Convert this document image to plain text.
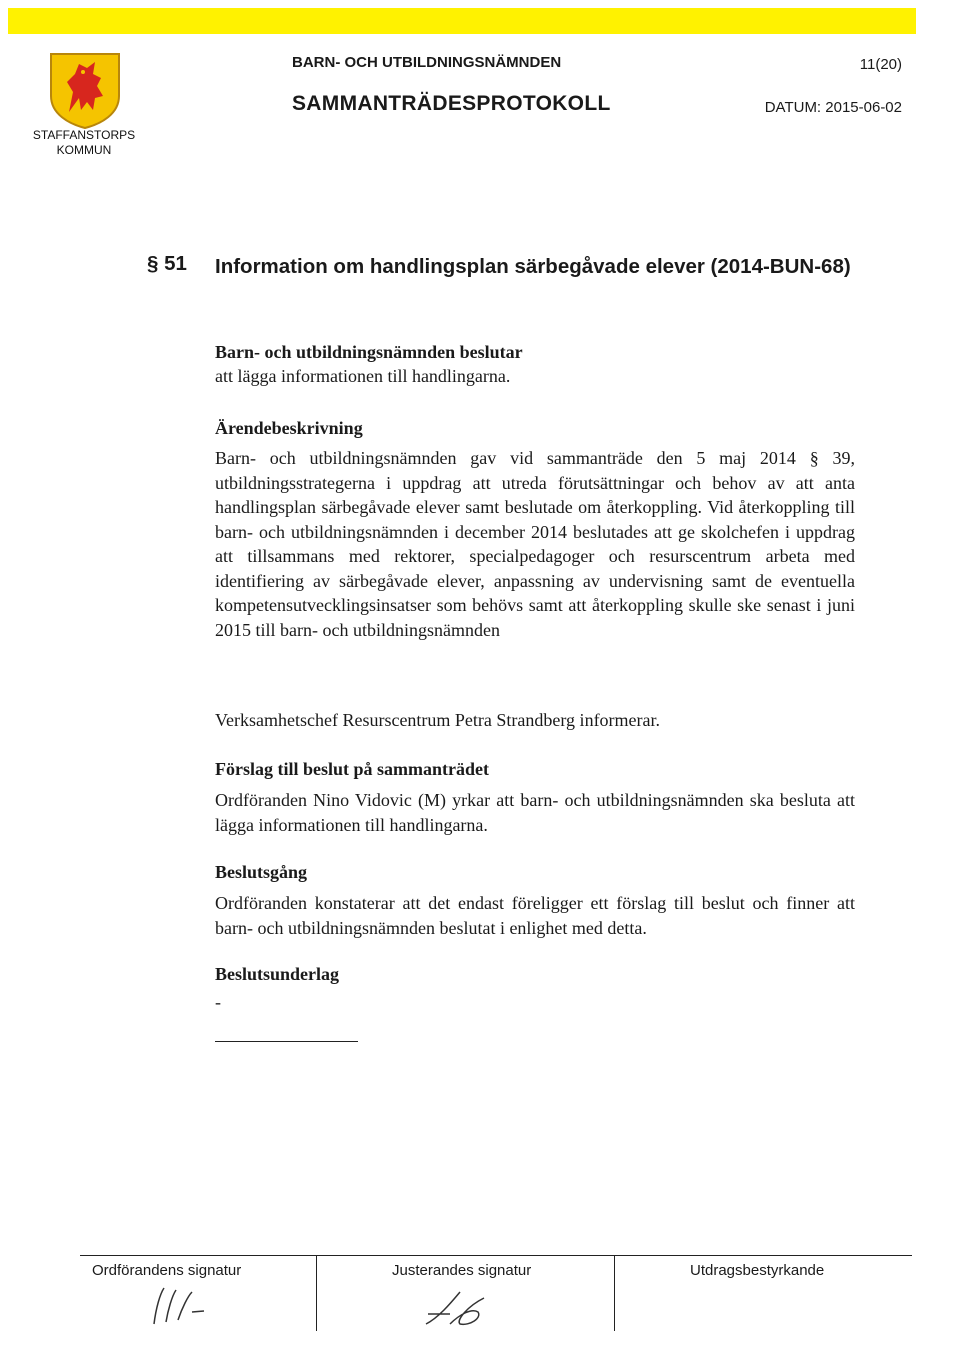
STAFFANSTORPS
KOMMUN
BARN- OCH UTBILDNINGSNÄMNDEN	11(20)
SAMMANTRÄDESPROTOKOLL	DATUM: 2015-06-02
§ 51 Information om handlingsplan särbegåvade elever (2014-BUN-68)
Barn- och utbildningsnämnden beslutar

att lägga informationen till handlingarna.

Ärendebeskrivning

Barn- och utbildningsnämnden gav vid sammanträde den 5 maj 2014 § 39, utbildningsstrategerna i uppdrag att utreda förutsättningar och behov av att anta handlingsplan särbegåvade elever samt beslutade om återkoppling. Vid återkoppling till barn- och utbildningsnämnden i december 2014 beslutades att ge skolchefen i uppdrag att tillsammans med rektorer, specialpedagoger och resurscentrum arbeta med identifiering av särbegåvade elever, anpassning av undervisning samt de eventuella kompetensutvecklingsinsatser som behövs samt att återkoppling skulle ske senast i juni 2015 till barn- och utbildningsnämnden

Verksamhetschef Resurscentrum Petra Strandberg informerar.

Förslag till beslut på sammanträdet

Ordföranden Nino Vidovic (M) yrkar att barn- och utbildningsnämnden ska besluta att lägga informationen till handlingarna.

Beslutsgång

Ordföranden konstaterar att det endast föreligger ett förslag till beslut och finner att barn- och utbildningsnämnden beslutat i enlighet med detta.

Beslutsunderlag

-

Ordförandens signatur	Justerandes signatur	Utdragsbestyrkande
